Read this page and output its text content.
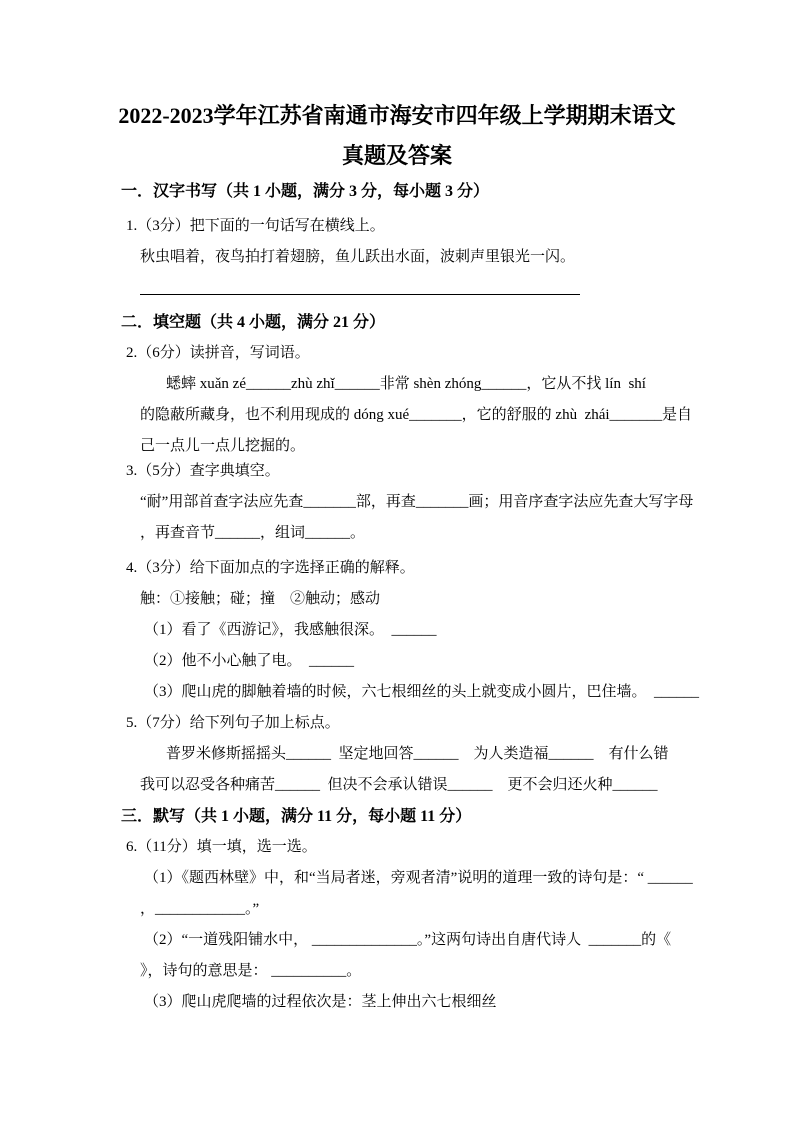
2022-2023学年江苏省南通市海安市四年级上学期期末语文
真题及答案
一．汉字书写（共 1 小题，满分 3 分，每小题 3 分）
1.（3分）把下面的一句话写在横线上。
秋虫唱着，夜鸟拍打着翅膀，鱼儿跃出水面，波刺声里银光一闪。
二．填空题（共 4 小题，满分 21 分）
2.（6分）读拼音，写词语。
蟋蟀 xuǎn zé______zhù zhǐ______非常 shèn zhóng______，它从不找 lín  shí
的隐蔽所藏身，也不利用现成的 dóng xué_______，它的舒服的 zhù  zhái_______是自
己一点儿一点儿挖掘的。
3.（5分）查字典填空。
“耐”用部首查字法应先查_______部，再查_______画；用音序查字法应先查大写字母
，再查音节______，组词______。
4.（3分）给下面加点的字选择正确的解释。
触：①接触；碰；撞    ②触动；感动
（1）看了《西游记》，我感触很深。  ______
（2）他不小心触了电。  ______
（3）爬山虎的脚触着墙的时候，六七根细丝的头上就变成小圆片，巴住墙。  ______
5.（7分）给下列句子加上标点。
普罗米修斯摇摇头______  坚定地回答______    为人类造福______    有什么错
我可以忍受各种痛苦______  但决不会承认错误______    更不会归还火种______
三．默写（共 1 小题，满分 11 分，每小题 11 分）
6.（11分）填一填，选一选。
（1）《题西林壁》中，和“当局者迷，旁观者清”说明的道理一致的诗句是：“ ______
，____________。”
（2）“一道残阳铺水中， ______________。”这两句诗出自唐代诗人  _______的《
》，诗句的意思是： __________。
（3）爬山虎爬墙的过程依次是：茎上伸出六七根细丝
